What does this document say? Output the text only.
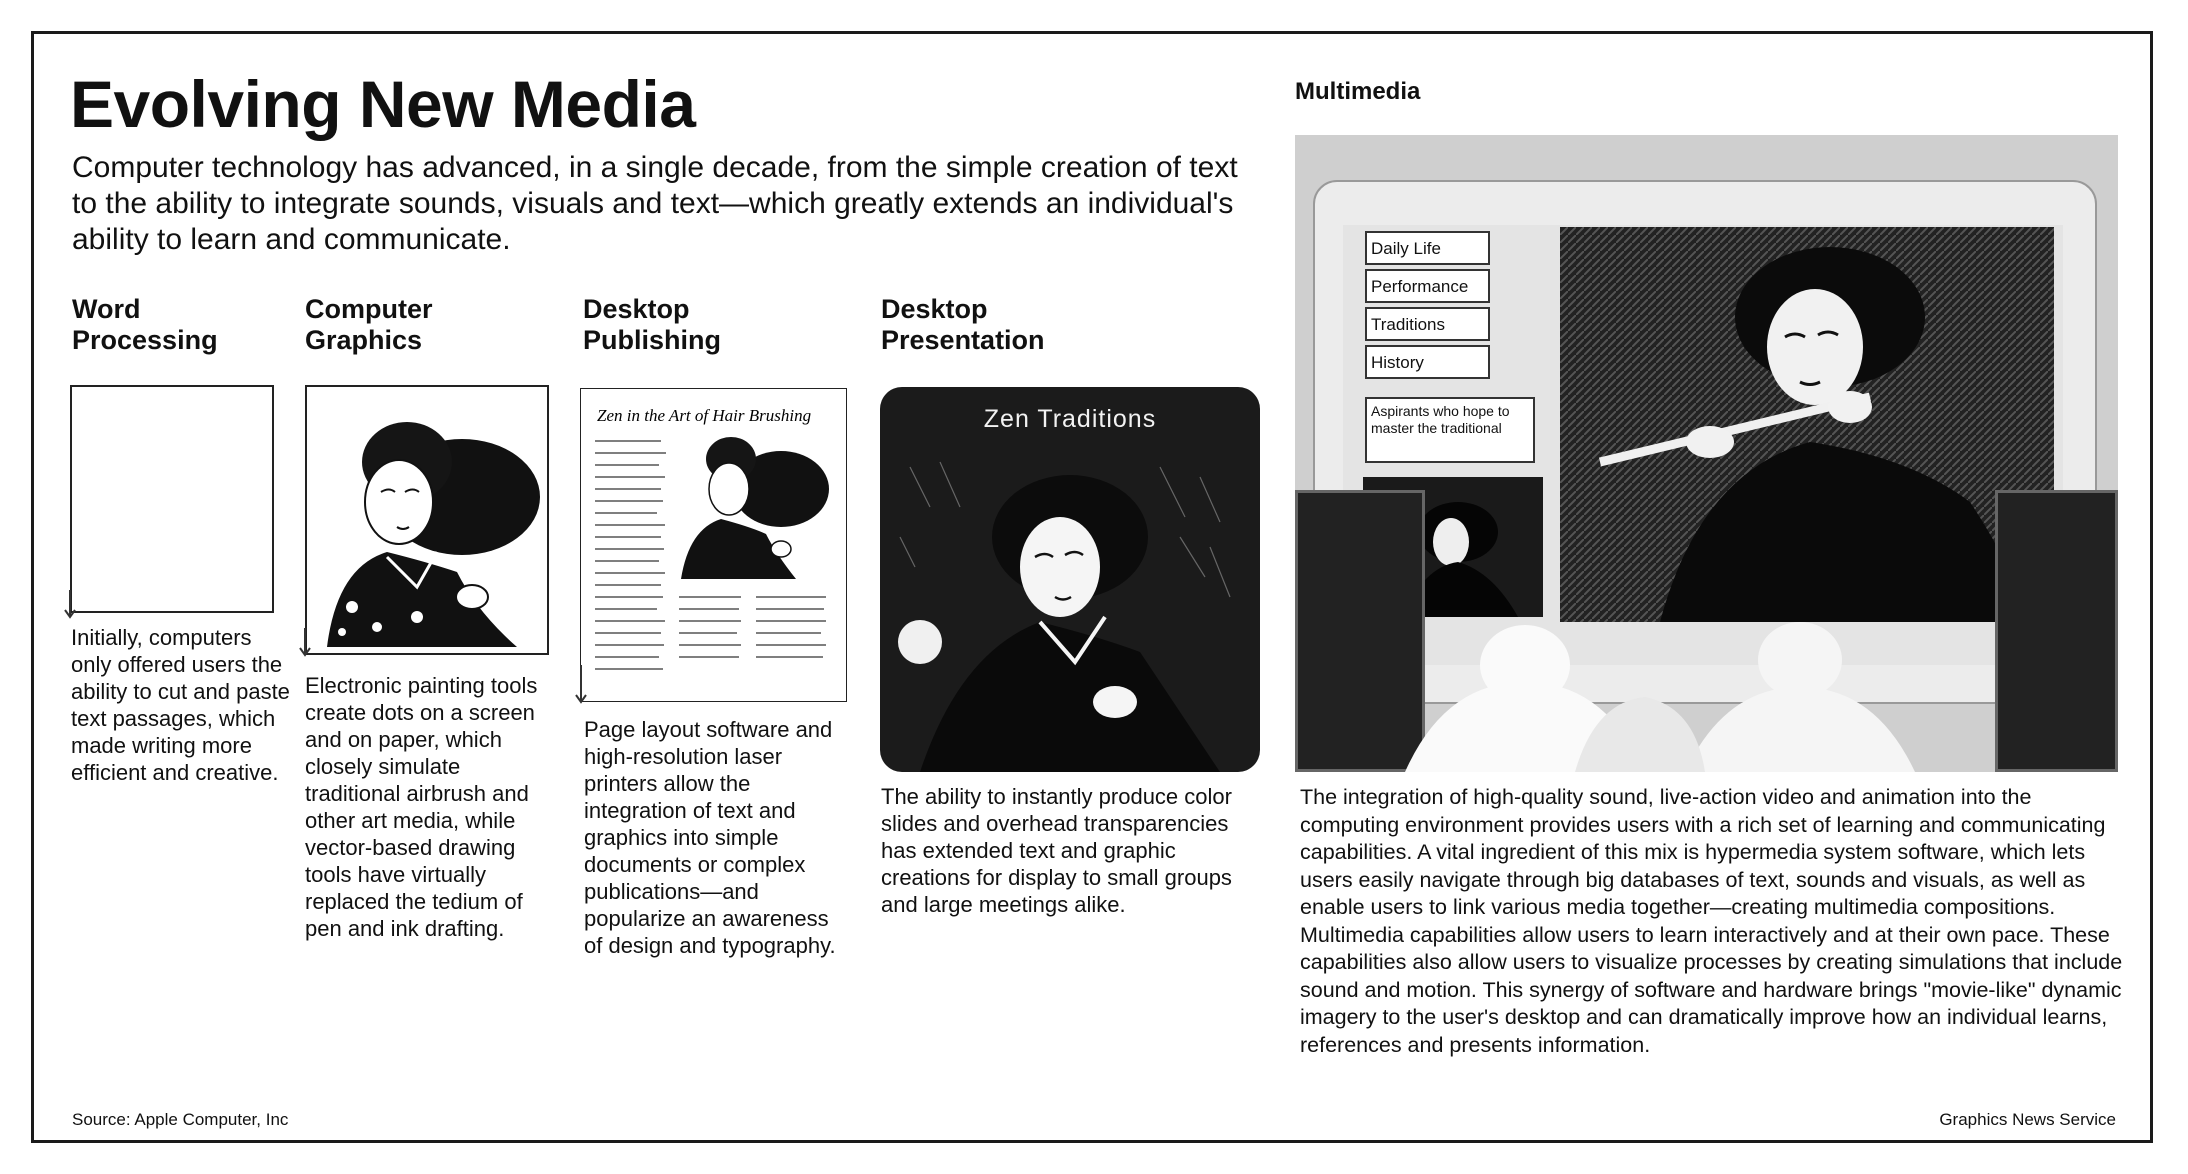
Evolving New Media
Computer technology has advanced, in a single decade, from the simple creation of text to the ability to integrate sounds, visuals and text—which greatly extends an individual's ability to learn and communicate.
Word
Processing
Initially, computers only offered users the ability to cut and paste text passages, which made writing more efficient and creative.
Computer
Graphics
Electronic painting tools create dots on a screen and on paper, which closely simulate traditional airbrush and other art media, while vector-based drawing tools have virtually replaced the tedium of pen and ink drafting.
Desktop
Publishing
Zen in the Art of Hair Brushing
Page layout software and high-resolution laser printers allow the integration of text and graphics into simple documents or complex publications—and popularize an awareness of design and typography.
Desktop
Presentation
Zen Traditions
The ability to instantly produce color slides and overhead transparencies has extended text and graphic creations for display to small groups and large meetings alike.
Multimedia
Daily Life
Performance
Traditions
History
Aspirants who hope to master the traditional
The integration of high-quality sound, live-action video and animation into the computing environment provides users with a rich set of learning and communicating capabilities. A vital ingredient of this mix is hypermedia system software, which lets users easily navigate through big databases of text, sounds and visuals, as well as enable users to link various media together—creating multimedia compositions. Multimedia capabilities allow users to learn interactively and at their own pace. These capabilities also allow users to visualize processes by creating simulations that include sound and motion. This synergy of software and hardware brings "movie-like" dynamic imagery to the user's desktop and can dramatically improve how an individual learns, references and presents information.
Source: Apple Computer, Inc	Graphics News Service
